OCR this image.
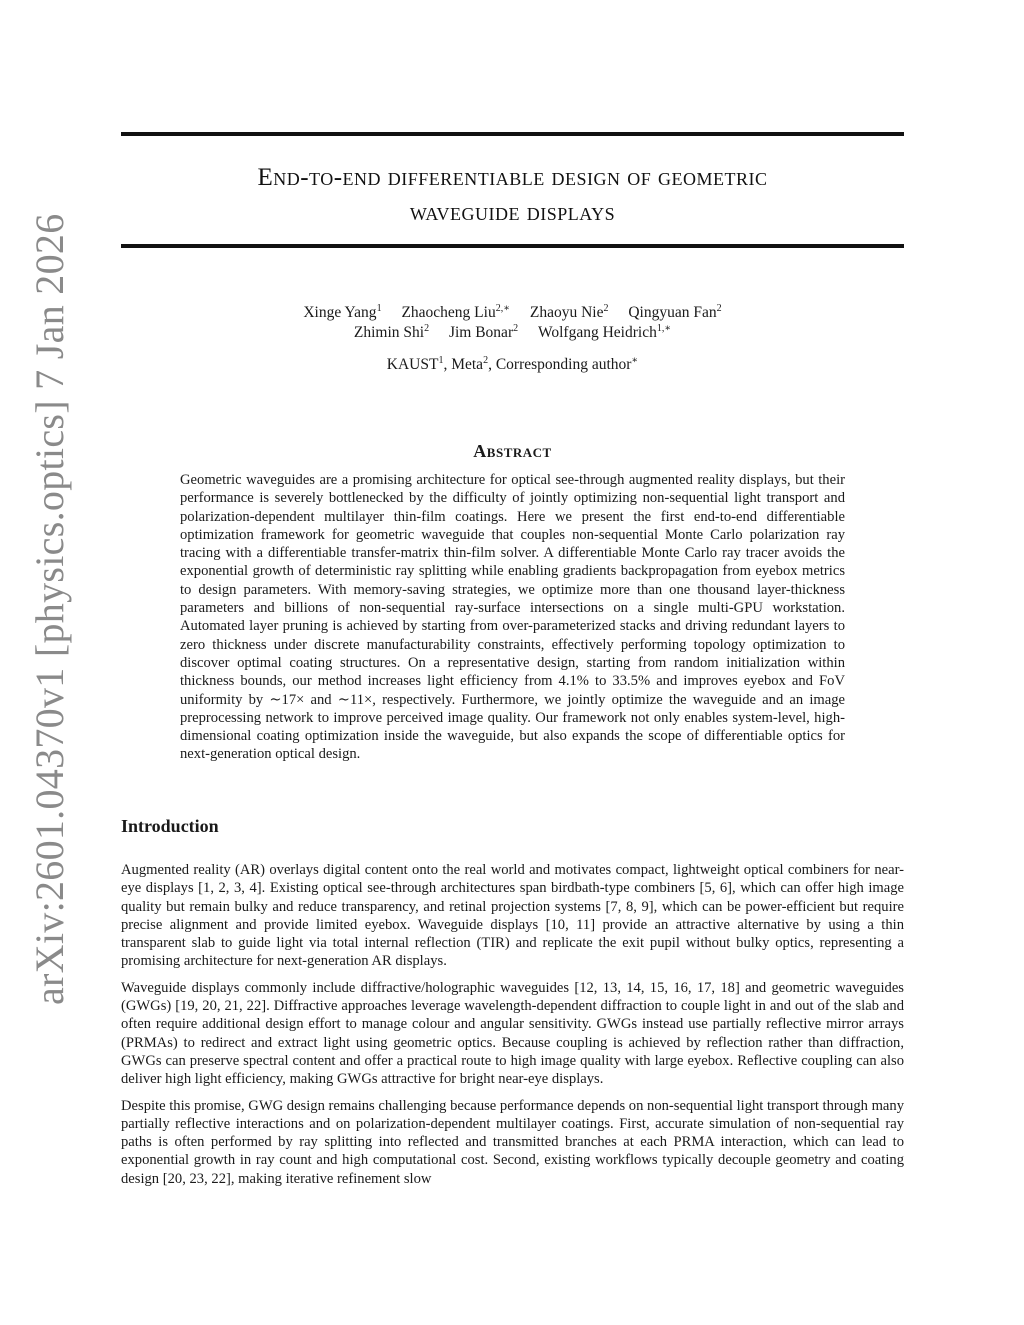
arXiv:2601.04370v1 [physics.optics] 7 Jan 2026
End-to-end differentiable design of geometric
waveguide displays
Xinge Yang$^1$ Zhaocheng Liu$^{2,∗}$ Zhaoyu Nie$^2$ Qingyuan Fan$^2$
Zhimin Shi$^2$ Jim Bonar$^2$ Wolfgang Heidrich$^{1,∗}$
KAUST$^1$, Meta$^2$, Corresponding author∗
Abstract

Geometric waveguides are a promising architecture for optical see-through augmented reality displays, but their performance is severely bottlenecked by the difficulty of jointly optimizing non-sequential light transport and polarization-dependent multilayer thin-film coatings. Here we present the first end-to-end differentiable optimization framework for geometric waveguide that couples non-sequential Monte Carlo polarization ray tracing with a differentiable transfer-matrix thin-film solver. A differentiable Monte Carlo ray tracer avoids the exponential growth of deterministic ray splitting while enabling gradients backpropagation from eyebox metrics to design parameters. With memory-saving strategies, we optimize more than one thousand layer-thickness parameters and billions of non-sequential ray-surface intersections on a single multi-GPU workstation. Automated layer pruning is achieved by starting from over-parameterized stacks and driving redundant layers to zero thickness under discrete manufacturability constraints, effectively performing topology optimization to discover optimal coating structures. On a representative design, starting from random initialization within thickness bounds, our method increases light efficiency from 4.1% to 33.5% and improves eyebox and FoV uniformity by ∼17× and ∼11×, respectively. Furthermore, we jointly optimize the waveguide and an image preprocessing network to improve perceived image quality. Our framework not only enables system-level, high-dimensional coating optimization inside the waveguide, but also expands the scope of differentiable optics for next-generation optical design.

Introduction

Augmented reality (AR) overlays digital content onto the real world and motivates compact, lightweight optical combiners for near-eye displays [1, 2, 3, 4]. Existing optical see-through architectures span birdbath-type combiners [5, 6], which can offer high image quality but remain bulky and reduce transparency, and retinal projection systems [7, 8, 9], which can be power-efficient but require precise alignment and provide limited eyebox. Waveguide displays [10, 11] provide an attractive alternative by using a thin transparent slab to guide light via total internal reflection (TIR) and replicate the exit pupil without bulky optics, representing a promising architecture for next-generation AR displays.

Waveguide displays commonly include diffractive/holographic waveguides [12, 13, 14, 15, 16, 17, 18] and geometric waveguides (GWGs) [19, 20, 21, 22]. Diffractive approaches leverage wavelength-dependent diffraction to couple light in and out of the slab and often require additional design effort to manage colour and angular sensitivity. GWGs instead use partially reflective mirror arrays (PRMAs) to redirect and extract light using geometric optics. Because coupling is achieved by reflection rather than diffraction, GWGs can preserve spectral content and offer a practical route to high image quality with large eyebox. Reflective coupling can also deliver high light efficiency, making GWGs attractive for bright near-eye displays.

Despite this promise, GWG design remains challenging because performance depends on non-sequential light transport through many partially reflective interactions and on polarization-dependent multilayer coatings. First, accurate simulation of non-sequential ray paths is often performed by ray splitting into reflected and transmitted branches at each PRMA interaction, which can lead to exponential growth in ray count and high computational cost. Second, existing workflows typically decouple geometry and coating design [20, 23, 22], making iterative refinement slow
